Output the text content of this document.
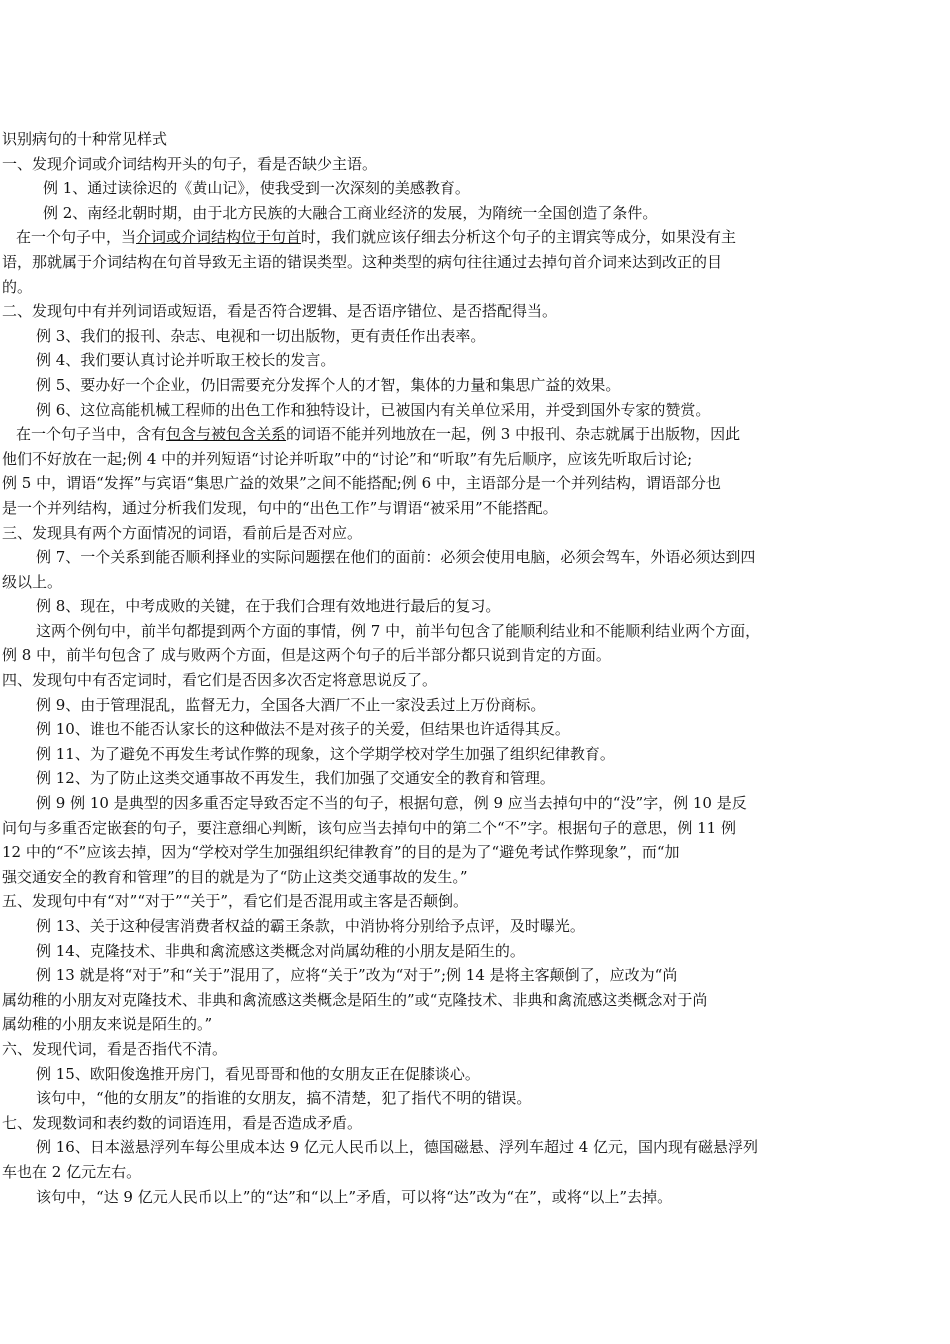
识别病句的十种常见样式
一、发现介词或介词结构开头的句子，看是否缺少主语。
例 1、通过读徐迟的《黄山记》，使我受到一次深刻的美感教育。
例 2、南经北朝时期，由于北方民族的大融合工商业经济的发展，为隋统一全国创造了条件。
在一个句子中，当介词或介词结构位于句首时，我们就应该仔细去分析这个句子的主谓宾等成分，如果没有主
语，那就属于介词结构在句首导致无主语的错误类型。这种类型的病句往往通过去掉句首介词来达到改正的目
的。
二、发现句中有并列词语或短语，看是否符合逻辑、是否语序错位、是否搭配得当。
例 3、我们的报刊、杂志、电视和一切出版物，更有责任作出表率。
例 4、我们要认真讨论并听取王校长的发言。
例 5、要办好一个企业，仍旧需要充分发挥个人的才智，集体的力量和集思广益的效果。
例 6、这位高能机械工程师的出色工作和独特设计，已被国内有关单位采用，并受到国外专家的赞赏。
在一个句子当中，含有包含与被包含关系的词语不能并列地放在一起，例 3 中报刊、杂志就属于出版物，因此
他们不好放在一起;例 4 中的并列短语“讨论并听取”中的“讨论”和“听取”有先后顺序，应该先听取后讨论;
例 5 中，谓语“发挥”与宾语“集思广益的效果”之间不能搭配;例 6 中，主语部分是一个并列结构，谓语部分也
是一个并列结构，通过分析我们发现，句中的“出色工作”与谓语“被采用”不能搭配。
三、发现具有两个方面情况的词语，看前后是否对应。
例 7、一个关系到能否顺利择业的实际问题摆在他们的面前：必须会使用电脑，必须会驾车，外语必须达到四
级以上。
例 8、现在，中考成败的关键，在于我们合理有效地进行最后的复习。
这两个例句中，前半句都提到两个方面的事情，例 7 中，前半句包含了能顺利结业和不能顺利结业两个方面，
例 8 中，前半句包含了 成与败两个方面，但是这两个句子的后半部分都只说到肯定的方面。
四、发现句中有否定词时，看它们是否因多次否定将意思说反了。
例 9、由于管理混乱，监督无力，全国各大酒厂不止一家没丢过上万份商标。
例 10、谁也不能否认家长的这种做法不是对孩子的关爱，但结果也许适得其反。
例 11、为了避免不再发生考试作弊的现象，这个学期学校对学生加强了组织纪律教育。
例 12、为了防止这类交通事故不再发生，我们加强了交通安全的教育和管理。
例 9 例 10 是典型的因多重否定导致否定不当的句子，根据句意，例 9 应当去掉句中的“没”字，例 10 是反
问句与多重否定嵌套的句子，要注意细心判断，该句应当去掉句中的第二个“不”字。根据句子的意思，例 11 例
12 中的“不”应该去掉，因为“学校对学生加强组织纪律教育”的目的是为了“避免考试作弊现象”，而“加
强交通安全的教育和管理”的目的就是为了“防止这类交通事故的发生。”
五、发现句中有“对”“对于”“关于”，看它们是否混用或主客是否颠倒。
例 13、关于这种侵害消费者权益的霸王条款，中消协将分别给予点评，及时曝光。
例 14、克隆技术、非典和禽流感这类概念对尚属幼稚的小朋友是陌生的。
例 13 就是将“对于”和“关于”混用了，应将“关于”改为“对于”;例 14 是将主客颠倒了，应改为“尚
属幼稚的小朋友对克隆技术、非典和禽流感这类概念是陌生的”或“克隆技术、非典和禽流感这类概念对于尚
属幼稚的小朋友来说是陌生的。”
六、发现代词，看是否指代不清。
例 15、欧阳俊逸推开房门，看见哥哥和他的女朋友正在促膝谈心。
该句中，“他的女朋友”的指谁的女朋友，搞不清楚，犯了指代不明的错误。
七、发现数词和表约数的词语连用，看是否造成矛盾。
例 16、日本滋悬浮列车每公里成本达 9 亿元人民币以上，德国磁悬、浮列车超过 4 亿元，国内现有磁悬浮列
车也在 2 亿元左右。
该句中，“达 9 亿元人民币以上”的“达”和“以上”矛盾，可以将“达”改为“在”，或将“以上”去掉。
